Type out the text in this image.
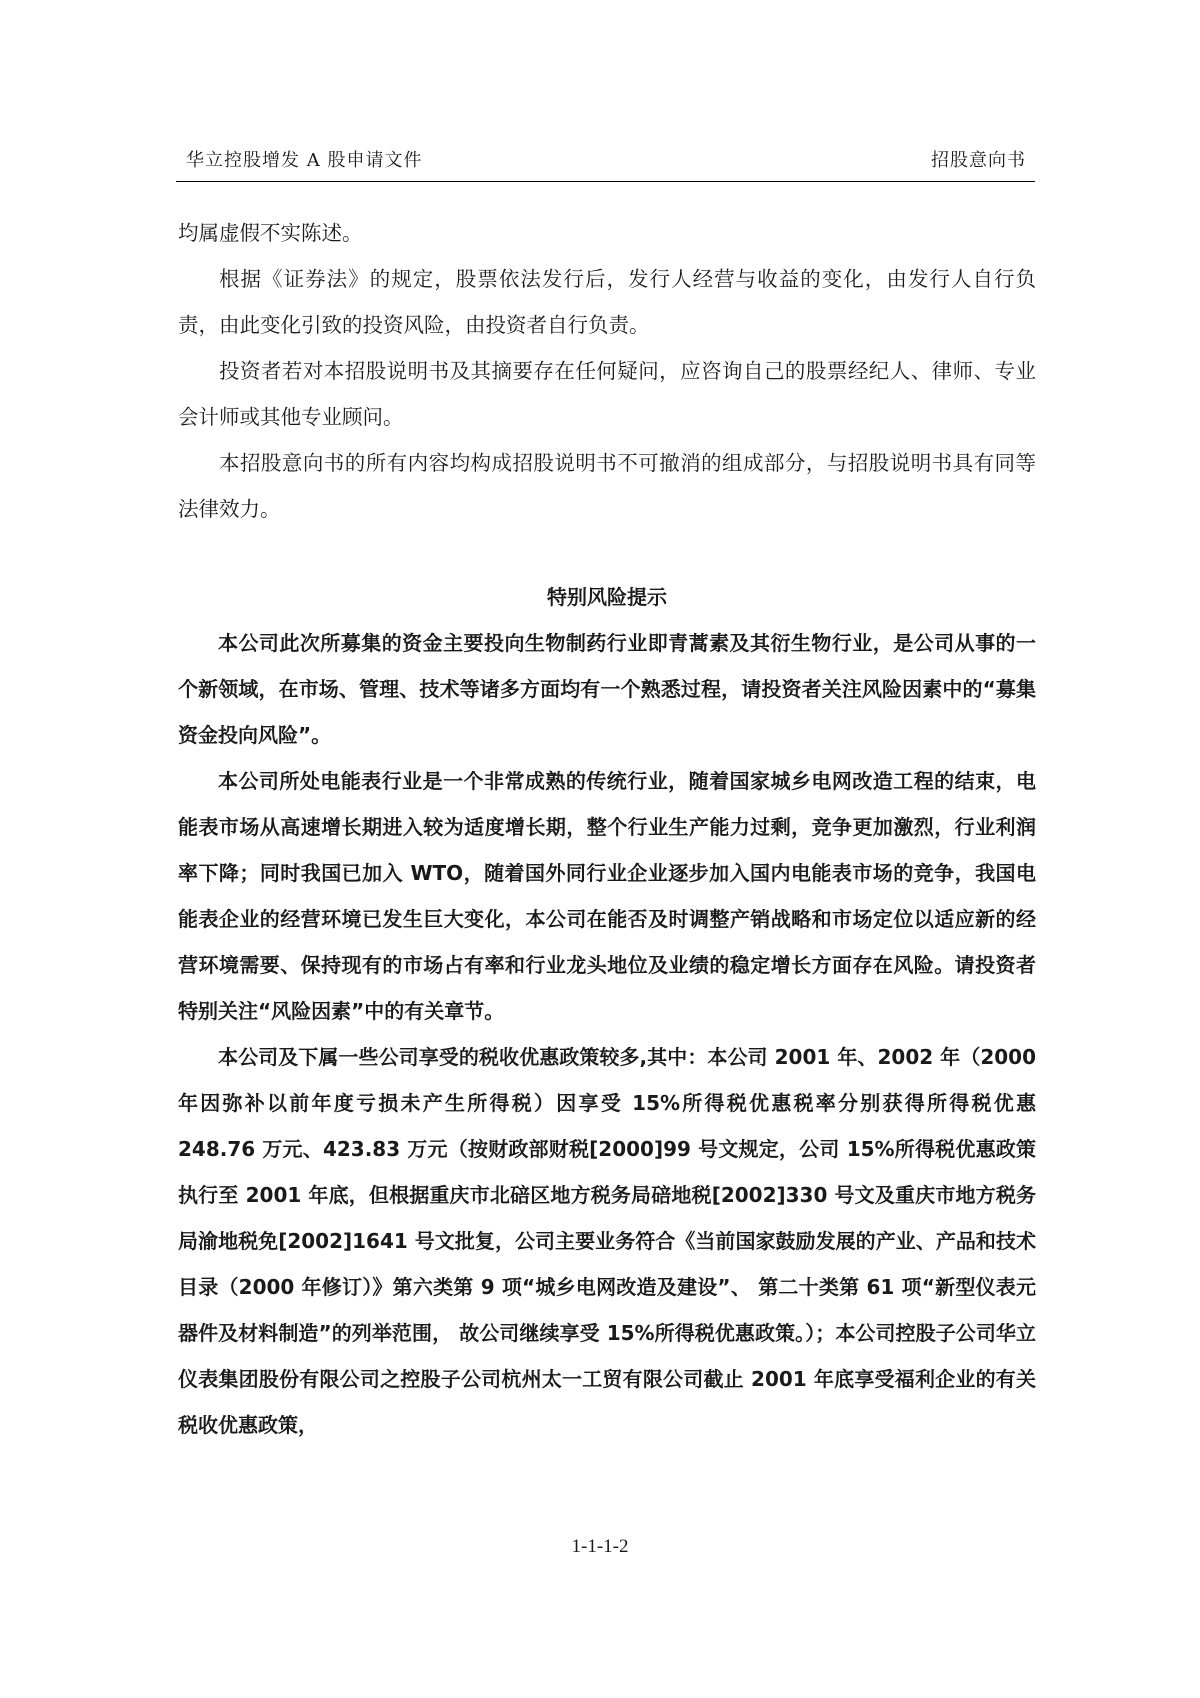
华立控股增发 A 股申请文件	招股意向书

均属虚假不实陈述。

根据《证券法》的规定，股票依法发行后，发行人经营与收益的变化，由发行人自行负责，由此变化引致的投资风险，由投资者自行负责。

投资者若对本招股说明书及其摘要存在任何疑问，应咨询自己的股票经纪人、律师、专业会计师或其他专业顾问。

本招股意向书的所有内容均构成招股说明书不可撤消的组成部分，与招股说明书具有同等法律效力。

特别风险提示

本公司此次所募集的资金主要投向生物制药行业即青蒿素及其衍生物行业，是公司从事的一个新领域，在市场、管理、技术等诸多方面均有一个熟悉过程，请投资者关注风险因素中的“募集资金投向风险”。

本公司所处电能表行业是一个非常成熟的传统行业，随着国家城乡电网改造工程的结束，电能表市场从高速增长期进入较为适度增长期，整个行业生产能力过剩，竞争更加激烈，行业利润率下降；同时我国已加入 WTO，随着国外同行业企业逐步加入国内电能表市场的竞争，我国电能表企业的经营环境已发生巨大变化，本公司在能否及时调整产销战略和市场定位以适应新的经营环境需要、保持现有的市场占有率和行业龙头地位及业绩的稳定增长方面存在风险。请投资者特别关注“风险因素”中的有关章节。

本公司及下属一些公司享受的税收优惠政策较多,其中：本公司 2001 年、2002 年（2000 年因弥补以前年度亏损未产生所得税）因享受 15%所得税优惠税率分别获得所得税优惠 248.76 万元、423.83 万元（按财政部财税[2000]99 号文规定，公司 15%所得税优惠政策执行至 2001 年底，但根据重庆市北碚区地方税务局碚地税[2002]330 号文及重庆市地方税务局渝地税免[2002]1641 号文批复，公司主要业务符合《当前国家鼓励发展的产业、产品和技术目录（2000 年修订）》第六类第 9 项“城乡电网改造及建设”、 第二十类第 61 项“新型仪表元器件及材料制造”的列举范围， 故公司继续享受 15%所得税优惠政策。）；本公司控股子公司华立仪表集团股份有限公司之控股子公司杭州太一工贸有限公司截止 2001 年底享受福利企业的有关税收优惠政策，

1-1-1-2
